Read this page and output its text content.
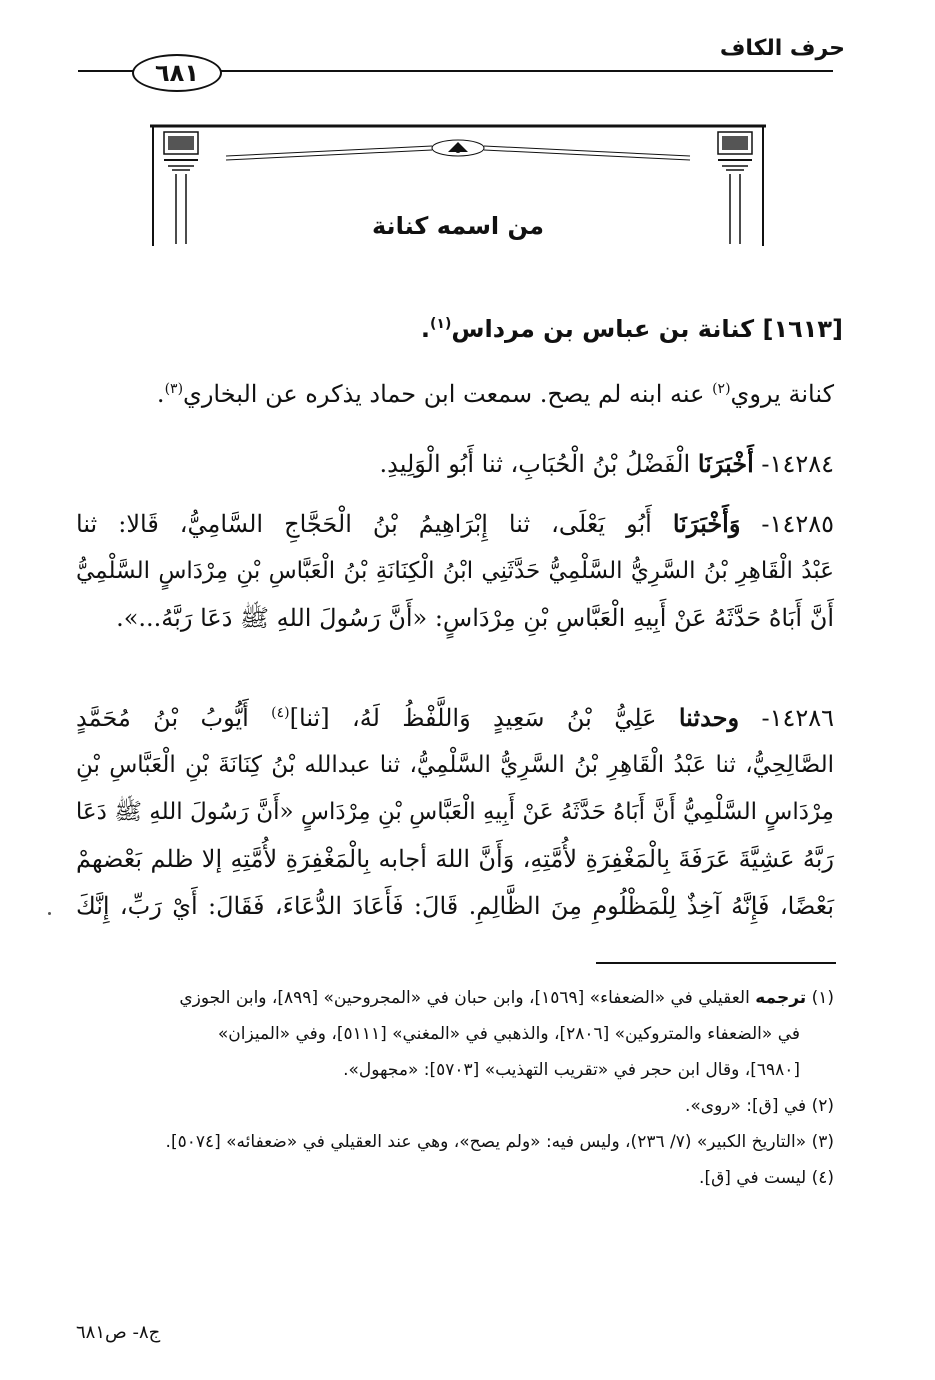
حرف الكاف
٦٨١
من اسمه كنانة
[١٦١٣] كنانة بن عباس بن مرداس$^{(١)}$.
كنانة يروي$^{(٢)}$ عنه ابنه لم يصح. سمعت ابن حماد يذكره عن البخاري$^{(٣)}$.
١٤٢٨٤- أَخْبَرَنَا الْفَضْلُ بْنُ الْحُبَابِ، ثنا أَبُو الْوَلِيدِ.
١٤٢٨٥- وَأَخْبَرَنَا أَبُو يَعْلَى، ثنا إِبْرَاهِيمُ بْنُ الْحَجَّاجِ السَّامِيُّ، قَالا: ثنا
عَبْدُ الْقَاهِرِ بْنُ السَّرِيُّ السَّلْمِيُّ حَدَّثَنِي ابْنُ الْكِنَانَةِ بْنُ الْعَبَّاسِ بْنِ مِرْدَاسٍ السَّلْمِيُّ
أَنَّ أَبَاهُ حَدَّثَهُ عَنْ أَبِيهِ الْعَبَّاسِ بْنِ مِرْدَاسٍ: «أَنَّ رَسُولَ اللهِ ﷺ دَعَا رَبَّهُ...».
١٤٢٨٦- وحدثنا عَلِيُّ بْنُ سَعِيدٍ وَاللَّفْظُ لَهُ، [ثنا]$^{(٤)}$ أَيُّوبُ بْنُ مُحَمَّدٍ
الصَّالِحِيُّ، ثنا عَبْدُ الْقَاهِرِ بْنُ السَّرِيُّ السَّلْمِيُّ، ثنا عبدالله بْنُ كِنَانَةَ بْنِ الْعَبَّاسِ بْنِ
مِرْدَاسٍ السَّلْمِيُّ أَنَّ أَبَاهُ حَدَّثَهُ عَنْ أَبِيهِ الْعَبَّاسِ بْنِ مِرْدَاسٍ «أَنَّ رَسُولَ اللهِ ﷺ دَعَا
رَبَّهُ عَشِيَّةَ عَرَفَةَ بِالْمَغْفِرَةِ لأُمَّتِهِ، وَأَنَّ اللهَ أجابه بِالْمَغْفِرَةِ لأُمَّتِهِ إلا ظلم بَعْضهمْ
بَعْضًا، فَإِنَّهُ آخِذٌ لِلْمَظْلُومِ مِنَ الظَّالِمِ. قَالَ: فَأَعَادَ الدُّعَاءَ، فَقَالَ: أَيْ رَبِّ، إِنَّكَ
(١) ترجمه العقيلي في «الضعفاء» [١٥٦٩]، وابن حبان في «المجروحين» [٨٩٩]، وابن الجوزي
في «الضعفاء والمتروكين» [٢٨٠٦]، والذهبي في «المغني» [٥١١١]، وفي «الميزان»
[٦٩٨٠]، وقال ابن حجر في «تقريب التهذيب» [٥٧٠٣]: «مجهول».
(٢) في [ق]: «روى».
(٣) «التاريخ الكبير» (٧/ ٢٣٦)، وليس فيه: «ولم يصح»، وهي عند العقيلي في «ضعفائه» [٥٠٧٤].
(٤) ليست في [ق].
ج٨- ص٦٨١
